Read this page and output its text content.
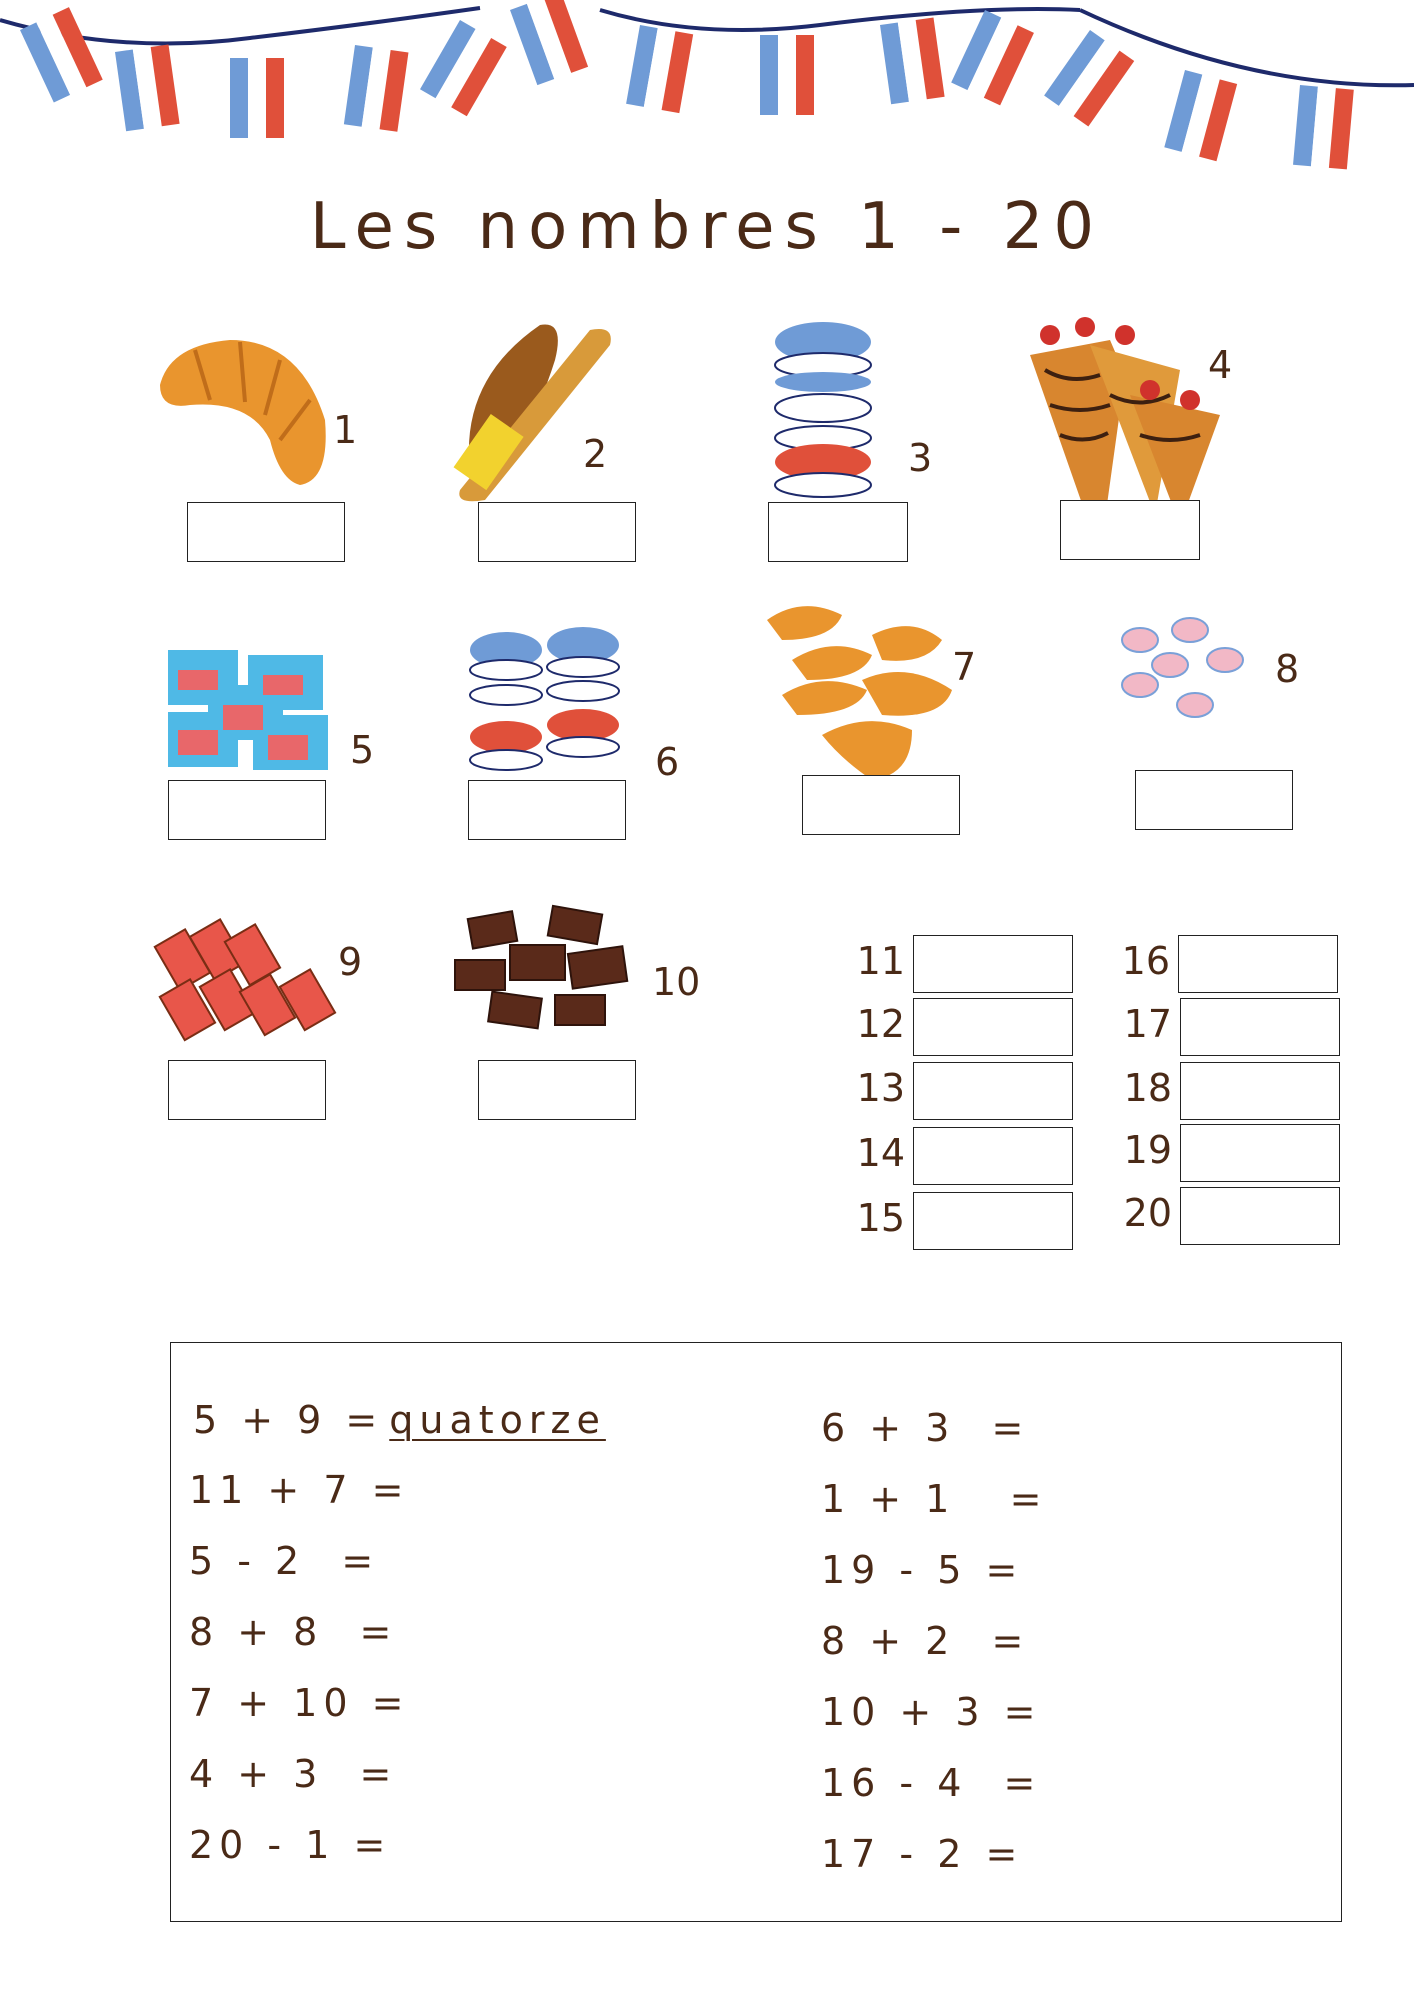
Les nombres 1 - 20
1
2	3
4
5	6
7	8
9	10	11
12
13
14
15
16
17
18
19
20
5 + 9 = quatorze
11 + 7 =
5 - 2  =
8 + 8  =
7 + 10 =
4 + 3  =
20 - 1 =
6 + 3  =
1 + 1   =
19 - 5 =
8 + 2  =
10 + 3 =
16 - 4  =
17 - 2 =
